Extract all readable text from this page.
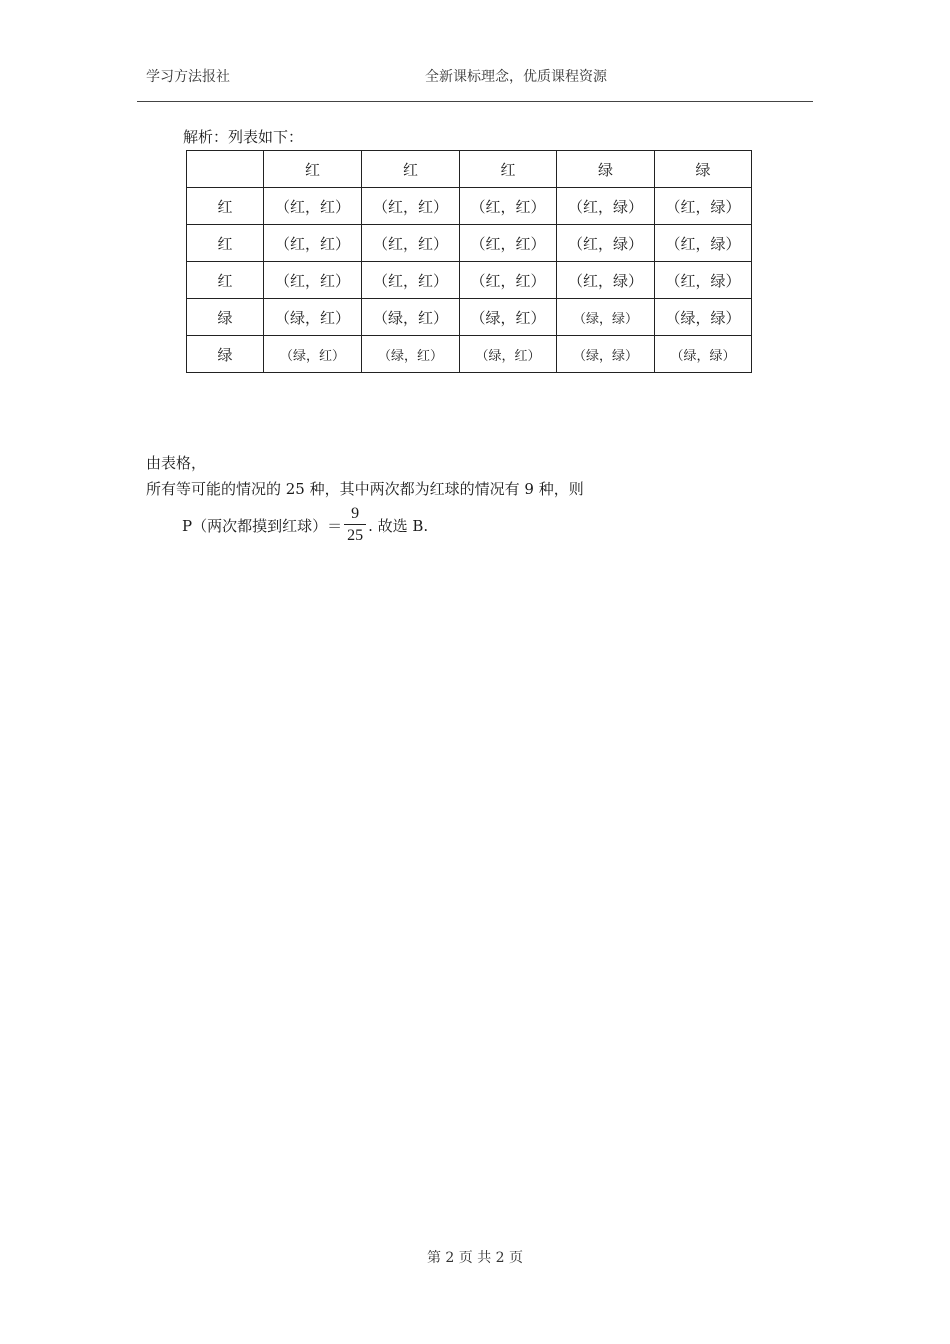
学习方法报社	全新课标理念，优质课程资源
解析：列表如下：
	红	红	红	绿	绿
红	（红，红）	（红，红）	（红，红）	（红，绿）	（红，绿）
红	（红，红）	（红，红）	（红，红）	（红，绿）	（红，绿）
红	（红，红）	（红，红）	（红，红）	（红，绿）	（红，绿）
绿	（绿，红）	（绿，红）	（绿，红）	（绿，绿）	（绿，绿）
绿	（绿，红）	（绿，红）	（绿，红）	（绿，绿）	（绿，绿）
由表格，
所有等可能的情况的 25 种，其中两次都为红球的情况有 9 种，则
P（两次都摸到红球）＝ $\frac{9}{25}$ . 故选 B.
第 2 页 共 2 页
